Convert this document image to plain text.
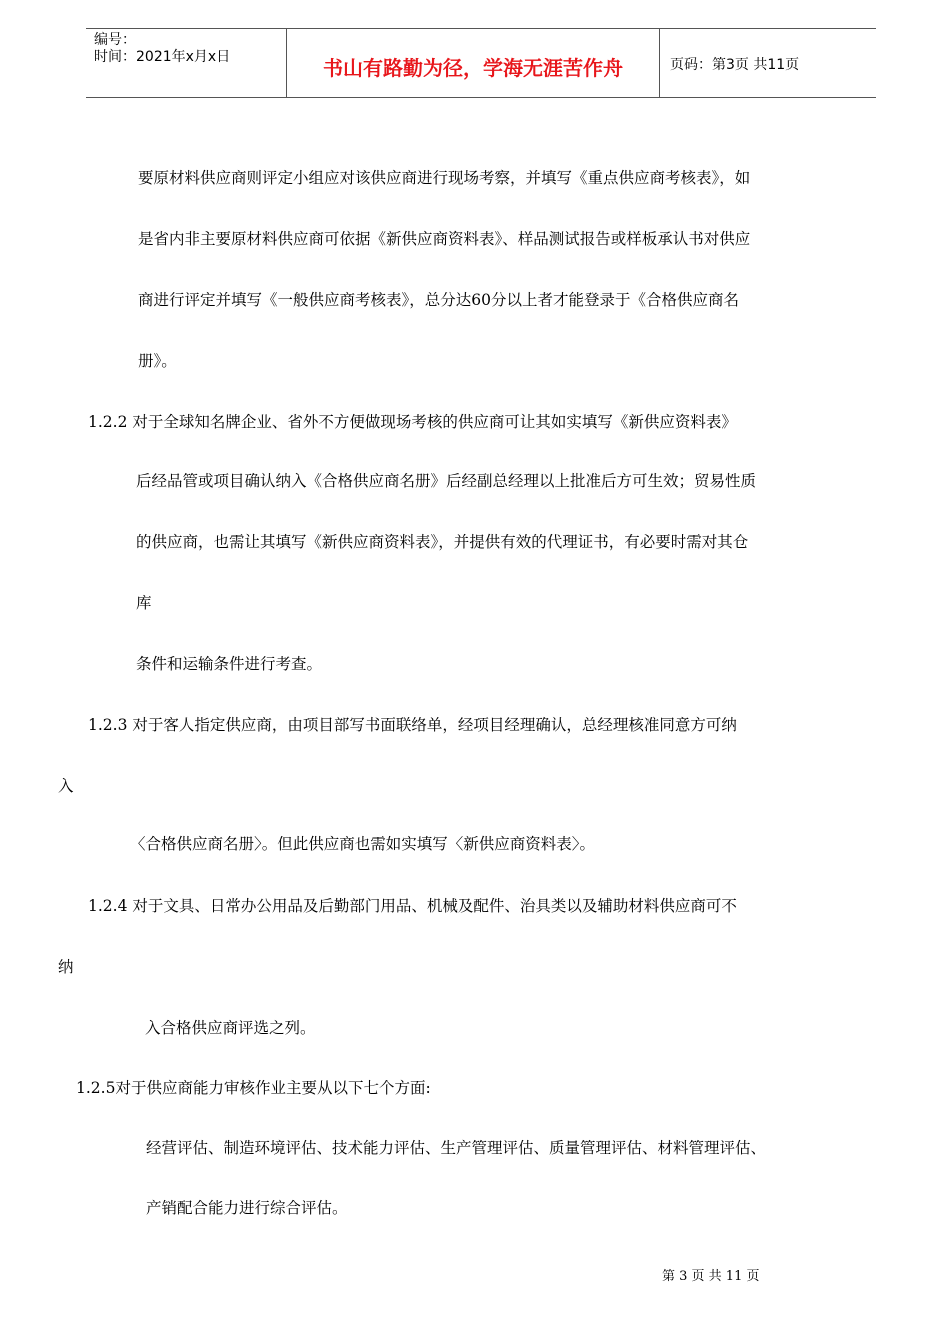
编号：
时间：2021年x月x日	书山有路勤为径，学海无涯苦作舟	页码：第3页 共11页
要原材料供应商则评定小组应对该供应商进行现场考察，并填写《重点供应商考核表》，如
是省内非主要原材料供应商可依据《新供应商资料表》、样品测试报告或样板承认书对供应
商进行评定并填写《一般供应商考核表》，总分达60分以上者才能登录于《合格供应商名
册》。
1.2.2 对于全球知名牌企业、省外不方便做现场考核的供应商可让其如实填写《新供应资料表》
后经品管或项目确认纳入《合格供应商名册》后经副总经理以上批准后方可生效；贸易性质
的供应商，也需让其填写《新供应商资料表》，并提供有效的代理证书，有必要时需对其仓
库
条件和运输条件进行考查。
1.2.3 对于客人指定供应商，由项目部写书面联络单，经项目经理确认，总经理核准同意方可纳
入
〈合格供应商名册〉。但此供应商也需如实填写〈新供应商资料表〉。
1.2.4 对于文具、日常办公用品及后勤部门用品、机械及配件、治具类以及辅助材料供应商可不
纳
入合格供应商评选之列。
1.2.5对于供应商能力审核作业主要从以下七个方面:
经营评估、制造环境评估、技术能力评估、生产管理评估、质量管理评估、材料管理评估、
产销配合能力进行综合评估。
第 3 页 共 11 页
